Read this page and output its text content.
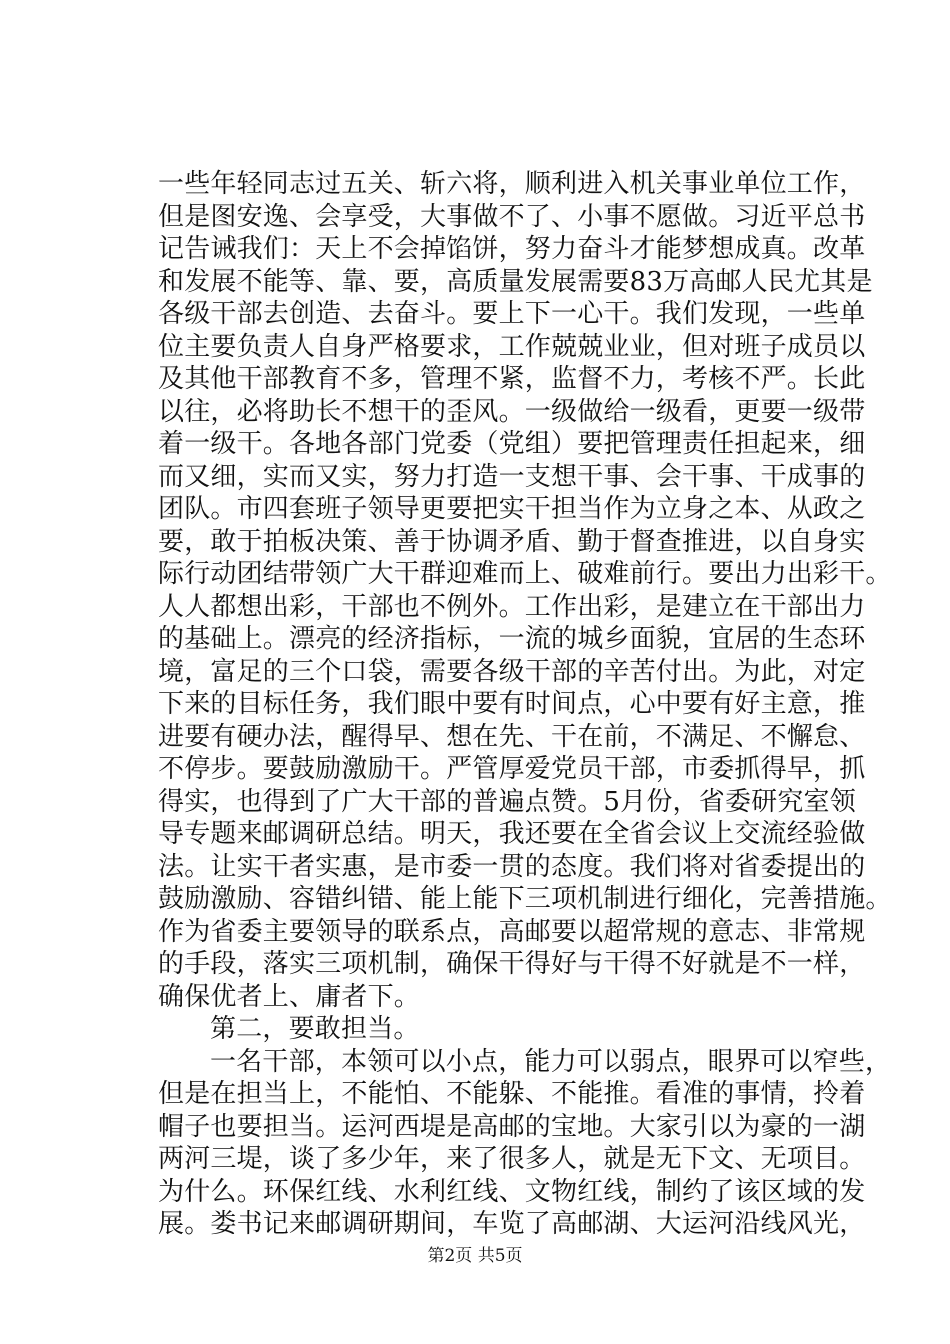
一些年轻同志过五关、斩六将，顺利进入机关事业单位工作，
但是图安逸、会享受，大事做不了、小事不愿做。习近平总书
记告诫我们：天上不会掉馅饼，努力奋斗才能梦想成真。改革
和发展不能等、靠、要，高质量发展需要83万高邮人民尤其是
各级干部去创造、去奋斗。要上下一心干。我们发现，一些单
位主要负责人自身严格要求，工作兢兢业业，但对班子成员以
及其他干部教育不多，管理不紧，监督不力，考核不严。长此
以往，必将助长不想干的歪风。一级做给一级看，更要一级带
着一级干。各地各部门党委（党组）要把管理责任担起来，细
而又细，实而又实，努力打造一支想干事、会干事、干成事的
团队。市四套班子领导更要把实干担当作为立身之本、从政之
要，敢于拍板决策、善于协调矛盾、勤于督查推进，以自身实
际行动团结带领广大干群迎难而上、破难前行。要出力出彩干。
人人都想出彩，干部也不例外。工作出彩，是建立在干部出力
的基础上。漂亮的经济指标，一流的城乡面貌，宜居的生态环
境，富足的三个口袋，需要各级干部的辛苦付出。为此，对定
下来的目标任务，我们眼中要有时间点，心中要有好主意，推
进要有硬办法，醒得早、想在先、干在前，不满足、不懈怠、
不停步。要鼓励激励干。严管厚爱党员干部，市委抓得早，抓
得实，也得到了广大干部的普遍点赞。5月份，省委研究室领
导专题来邮调研总结。明天，我还要在全省会议上交流经验做
法。让实干者实惠，是市委一贯的态度。我们将对省委提出的
鼓励激励、容错纠错、能上能下三项机制进行细化，完善措施。
作为省委主要领导的联系点，高邮要以超常规的意志、非常规
的手段，落实三项机制，确保干得好与干得不好就是不一样，
确保优者上、庸者下。
第二，要敢担当。
一名干部，本领可以小点，能力可以弱点，眼界可以窄些，
但是在担当上，不能怕、不能躲、不能推。看准的事情，拎着
帽子也要担当。运河西堤是高邮的宝地。大家引以为豪的一湖
两河三堤，谈了多少年，来了很多人，就是无下文、无项目。
为什么。环保红线、水利红线、文物红线，制约了该区域的发
展。娄书记来邮调研期间，车览了高邮湖、大运河沿线风光，
第2页 共5页
